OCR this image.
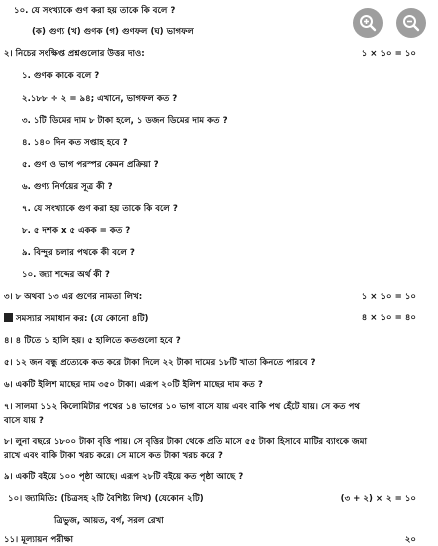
১০. যে সংখ্যাকে গুণ করা হয় তাকে কি বলে ?
(ক) গুণ্য (খ) গুণক (গ) গুণফল (ঘ) ভাগফল
২। নিচের সংক্ষিপ্ত প্রশ্নগুলোর উত্তর দাও:	১ × ১০ = ১০
১. গুণক কাকে বলে ?
২.১৮৮ ÷ ২ = ৯৪; এখানে, ভাগফল কত ?
৩. ১টি ডিমের দাম ৮ টাকা হলে, ১ ডজন ডিমের দাম কত ?
৪. ১৪০ দিন কত সপ্তাহ হবে ?
৫. গুণ ও ভাগ পরস্পর কেমন প্রক্রিয়া ?
৬. গুণ্য নির্ণয়ের সূত্র কী ?
৭. যে সংখ্যাকে গুণ করা হয় তাকে কি বলে ?
৮. ৫ দশক x ৫ একক = কত ?
৯. বিন্দুর চলার পথকে কী বলে ?
১০. জ্যা শব্দের অর্থ কী ?
৩। ৮ অথবা ১৩ এর গুণের নামতা লিখ:	১ × ১০ = ১০
সমস্যার সমাধান কর: (যে কোনো ৪টি)	৪ × ১০ = ৪০
৪। ৪ টিতে ১ হালি হয়। ৫ হালিতে কতগুলো হবে ?
৫। ১২ জন বন্ধু প্রত্যেকে কত করে টাকা দিলে ২২ টাকা দামের ১৮টি খাতা কিনতে পারবে ?
৬। একটি ইলিশ মাছের দাম ৩৫০ টাকা। এরূপ ২০টি ইলিশ মাছের দাম কত ?
৭। সালমা ১১২ কিলোমিটার পথের ১৪ ভাগের ১০ ভাগ বাসে যায় এবং বাকি পথ হেঁটে যায়। সে কত পথ
বাসে যায় ?
৮। লুনা বছরে ১৮০০ টাকা বৃত্তি পায়। সে বৃত্তির টাকা থেকে প্রতি মাসে ৫৫ টাকা হিসাবে মাটির ব্যাংকে জমা
রাখে এবং বাকি টাকা খরচ করে। সে মাসে কত টাকা খরচ করে ?
৯। একটি বইয়ে ১০০ পৃষ্ঠা আছে। এরূপ ২৮টি বইয়ে কত পৃষ্ঠা আছে ?
১০। জ্যামিতি: (চিত্রসহ ২টি বৈশিষ্ট্য লিখ) (যেকোন ২টি)	(৩ + ২) × ২ = ১০
ত্রিভুজ, আয়ত, বর্গ, সরল রেখা
১১। মূল্যায়ন পরীক্ষা	২০
